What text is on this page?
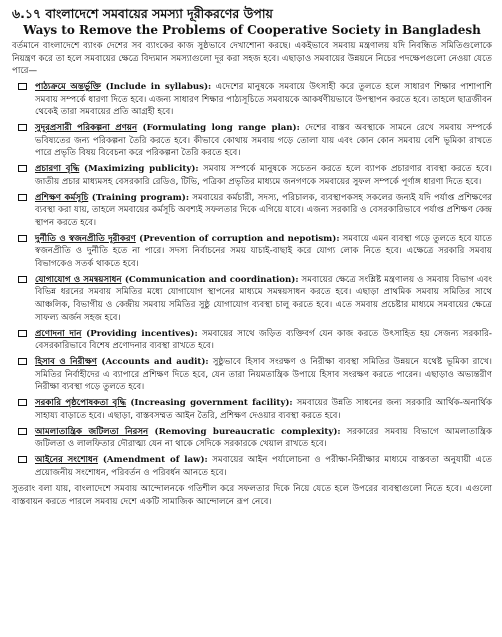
৬.১৭ বাংলাদেশে সমবায়ের সমস্যা দূরীকরণের উপায়
Ways to Remove the Problems of Cooperative Society in Bangladesh

বর্তমানে বাংলাদেশে ব্যাংক দেশের সব ব্যাংকের কাজ সুষ্ঠভাবে দেখাশোনা করছে। একইভাবে সমবায় মন্ত্রণালয় যদি নিবন্ধিত সমিতিগুলোকে নিয়ন্ত্রণ করে তা হলে সমবায়ের ক্ষেত্রে বিদ্যমান সমস্যাগুলো দূর করা সহজ হবে। এছাড়াও সমবায়ের উন্নয়নে নিচের পদক্ষেপগুলো নেওয়া যেতে পারে—

পাঠ্যক্রমে অন্তর্ভুক্তি (Include in syllabus): এদেশের মানুষকে সমবায়ে উৎসাহী করে তুলতে হলে সাধারণ শিক্ষার পাশাপাশি সমবায় সম্পর্কে ধারণা দিতে হবে। এজন্য সাধারণ শিক্ষার পাঠ্যসূচিতে সমবায়কে আকর্ষণীয়ভাবে উপস্থাপন করতে হবে। তাহলে ছাত্রজীবন থেকেই তারা সমবায়ের প্রতি আগ্রহী হবে।
সুদূরপ্রসারী পরিকল্পনা প্রণয়ন (Formulating long range plan): দেশের বাস্তব অবস্থাকে সামনে রেখে সমবায় সম্পর্কে ভবিষ্যতের জন্য পরিকল্পনা তৈরি করতে হবে। কীভাবে কোথায় সমবায় গড়ে তোলা যায় এবং কোন কোন সমবায় বেশি ভূমিকা রাখতে পারে প্রভৃতি বিষয় বিবেচনা করে পরিকল্পনা তৈরি করতে হবে।
প্রচারণা বৃদ্ধি (Maximizing publicity): সমবায় সম্পর্কে মানুষকে সচেতন করতে হলে ব্যাপক প্রচারণার ব্যবস্থা করতে হবে। জাতীয় প্রচার মাধ্যমসহ বেসরকারি রেডিও, টিভি, পত্রিকা প্রভৃতির মাধ্যমে জনগণকে সমবায়ের সুফল সম্পর্কে পূর্ণাঙ্গ ধারণা দিতে হবে।
প্রশিক্ষণ কর্মসূচি (Training program): সমবায়ের কর্মচারী, সদস্য, পরিচালক, ব্যবস্থাপকসহ সকলের জন্যই যদি পর্যাপ্ত প্রশিক্ষণের ব্যবস্থা করা যায়, তাহলে সমবায়ের কর্মসূচি অবশ্যই সফলতার দিকে এগিয়ে যাবে। এজন্য সরকারি ও বেসরকারিভাবে পর্যাপ্ত প্রশিক্ষণ কেন্দ্র স্থাপন করতে হবে।
দুর্নীতি ও স্বজনপ্রীতি দূরীকরণ (Prevention of corruption and nepotism): সমবায়ে এমন ব্যবস্থা গড়ে তুলতে হবে যাতে স্বজনপ্রীতি ও দুর্নীতি হতে না পারে। সদস্য নির্বাচনের সময় যাচাই-বাছাই করে যোগ্য লোক নিতে হবে। এক্ষেত্রে সরকারি সমবায় বিভাগকেও সতর্ক থাকতে হবে।
যোগাযোগ ও সমন্বয়সাধন (Communication and coordination): সমবায়ের ক্ষেত্রে সংশ্লিষ্ট মন্ত্রণালয় ও সমবায় বিভাগ এবং বিভিন্ন ধরনের সমবায় সমিতির মধ্যে যোগাযোগ স্থাপনের মাধ্যমে সমন্বয়সাধন করতে হবে। এছাড়া প্রাথমিক সমবায় সমিতির সাথে আঞ্চলিক, বিভাগীয় ও কেন্দ্রীয় সমবায় সমিতির সুষ্ঠু যোগাযোগ ব্যবস্থা চালু করতে হবে। এতে সমবায় প্রচেষ্টার মাধ্যমে সমবায়ের ক্ষেত্রে সাফল্য অর্জন সহজ হবে।
প্রণোদনা দান (Providing incentives): সমবায়ের সাথে জড়িত ব্যক্তিবর্গ যেন কাজ করতে উৎসাহিত হয় সেজন্য সরকারি-বেসরকারিভাবে বিশেষ প্রণোদনার ব্যবস্থা রাখতে হবে।
হিসাব ও নিরীক্ষণ (Accounts and audit): সুষ্ঠুভাবে হিসাব সংরক্ষণ ও নিরীক্ষা ব্যবস্থা সমিতির উন্নয়নে যথেষ্ট ভূমিকা রাখে। সমিতির নির্বাহীদের এ ব্যাপারে প্রশিক্ষণ দিতে হবে, যেন তারা নিয়মতান্ত্রিক উপায়ে হিসাব সংরক্ষণ করতে পারেন। এছাড়াও অভ্যন্তরীণ নিরীক্ষা ব্যবস্থা গড়ে তুলতে হবে।
সরকারি পৃষ্ঠপোষকতা বৃদ্ধি (Increasing government facility): সমবায়ের উন্নতি সাধনের জন্য সরকারি আর্থিক-অনার্থিক সাহায্য বাড়াতে হবে। এছাড়া, বাস্তবসম্মত আইন তৈরি, প্রশিক্ষণ দেওয়ার ব্যবস্থা করতে হবে।
আমলাতান্ত্রিক জটিলতা নিরসন (Removing bureaucratic complexity): সরকারের সমবায় বিভাগে আমলাতান্ত্রিক জটিলতা ও লালফিতার দৌরাত্ম্য যেন না থাকে সেদিকে সরকারকে খেয়াল রাখতে হবে।
আইনের সংশোধন (Amendment of law): সমবায়ের আইন পর্যালোচনা ও পরীক্ষা-নিরীক্ষার মাধ্যমে বাস্তবতা অনুযায়ী এতে প্রয়োজনীয় সংশোধন, পরিবর্তন ও পরিবর্ধন আনতে হবে।

সুতরাং বলা যায়, বাংলাদেশে সমবায় আন্দোলনকে গতিশীল করে সফলতার দিকে নিয়ে যেতে হলে উপরের ব্যবস্থাগুলো নিতে হবে। এগুলো বাস্তবায়ন করতে পারলে সমবায় দেশে একটি সামাজিক আন্দোলনে রূপ নেবে।
